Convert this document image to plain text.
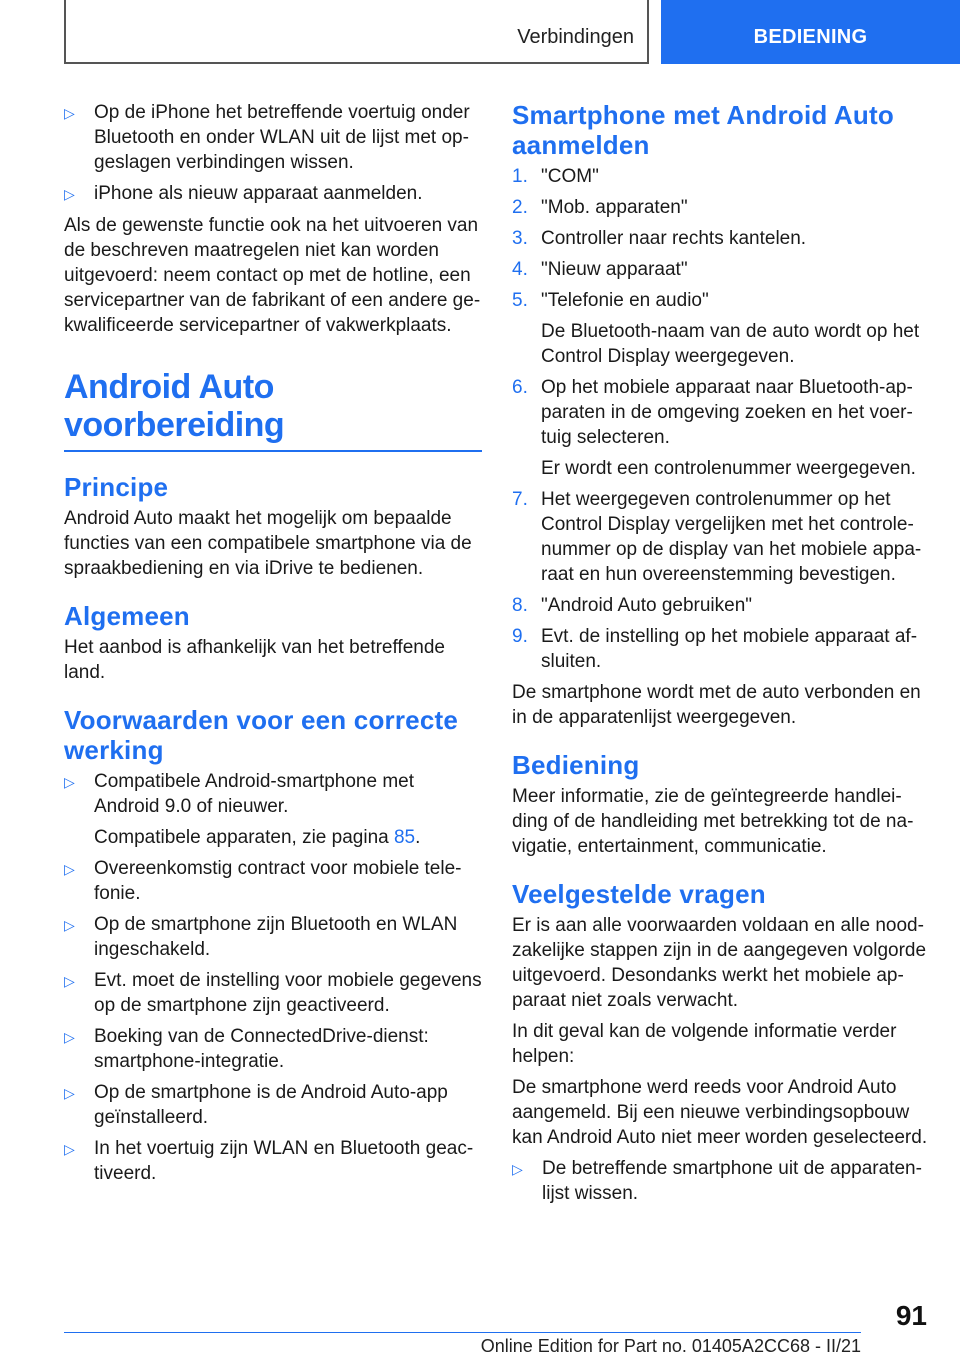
Verbindingen	BEDIENING
▷	Op de iPhone het betreffende voertuig onder Bluetooth en onder WLAN uit de lijst met opgeslagen verbindingen wissen.
▷	iPhone als nieuw apparaat aanmelden.

Als de gewenste functie ook na het uitvoeren van de beschreven maatregelen niet kan worden uitgevoerd: neem contact op met de hotline, een servicepartner van de fabrikant of een andere gekwalificeerde servicepartner of vakwerkplaats.

Android Auto voorbereiding
Principe

Android Auto maakt het mogelijk om bepaalde functies van een compatibele smartphone via de spraakbediening en via iDrive te bedienen.

Algemeen

Het aanbod is afhankelijk van het betreffende land.

Voorwaarden voor een correcte werking
▷	Compatibele Android-smartphone met Android 9.0 of nieuwer.
Compatibele apparaten, zie pagina 85.
▷	Overeenkomstig contract voor mobiele telefonie.
▷	Op de smartphone zijn Bluetooth en WLAN ingeschakeld.
▷	Evt. moet de instelling voor mobiele gegevens op de smartphone zijn geactiveerd.
▷	Boeking van de ConnectedDrive-dienst: smartphone-integratie.
▷	Op de smartphone is de Android Auto-app geïnstalleerd.
▷	In het voertuig zijn WLAN en Bluetooth geactiveerd.
Smartphone met Android Auto aanmelden
1. "COM"
2. "Mob. apparaten"
3. Controller naar rechts kantelen.
4. "Nieuw apparaat"
5. "Telefonie en audio"
De Bluetooth-naam van de auto wordt op het Control Display weergegeven.
6. Op het mobiele apparaat naar Bluetooth-apparaten in de omgeving zoeken en het voertuig selecteren.
Er wordt een controlenummer weergegeven.
7. Het weergegeven controlenummer op het Control Display vergelijken met het controlenummer op de display van het mobiele apparaat en hun overeenstemming bevestigen.
8. "Android Auto gebruiken"
9. Evt. de instelling op het mobiele apparaat afsluiten.

De smartphone wordt met de auto verbonden en in de apparatenlijst weergegeven.

Bediening

Meer informatie, zie de geïntegreerde handleiding of de handleiding met betrekking tot de navigatie, entertainment, communicatie.

Veelgestelde vragen

Er is aan alle voorwaarden voldaan en alle noodzakelijke stappen zijn in de aangegeven volgorde uitgevoerd. Desondanks werkt het mobiele apparaat niet zoals verwacht.

In dit geval kan de volgende informatie verder helpen:

De smartphone werd reeds voor Android Auto aangemeld. Bij een nieuwe verbindingsopbouw kan Android Auto niet meer worden geselecteerd.

▷	De betreffende smartphone uit de apparatenlijst wissen.
91
Online Edition for Part no. 01405A2CC68 - II/21
